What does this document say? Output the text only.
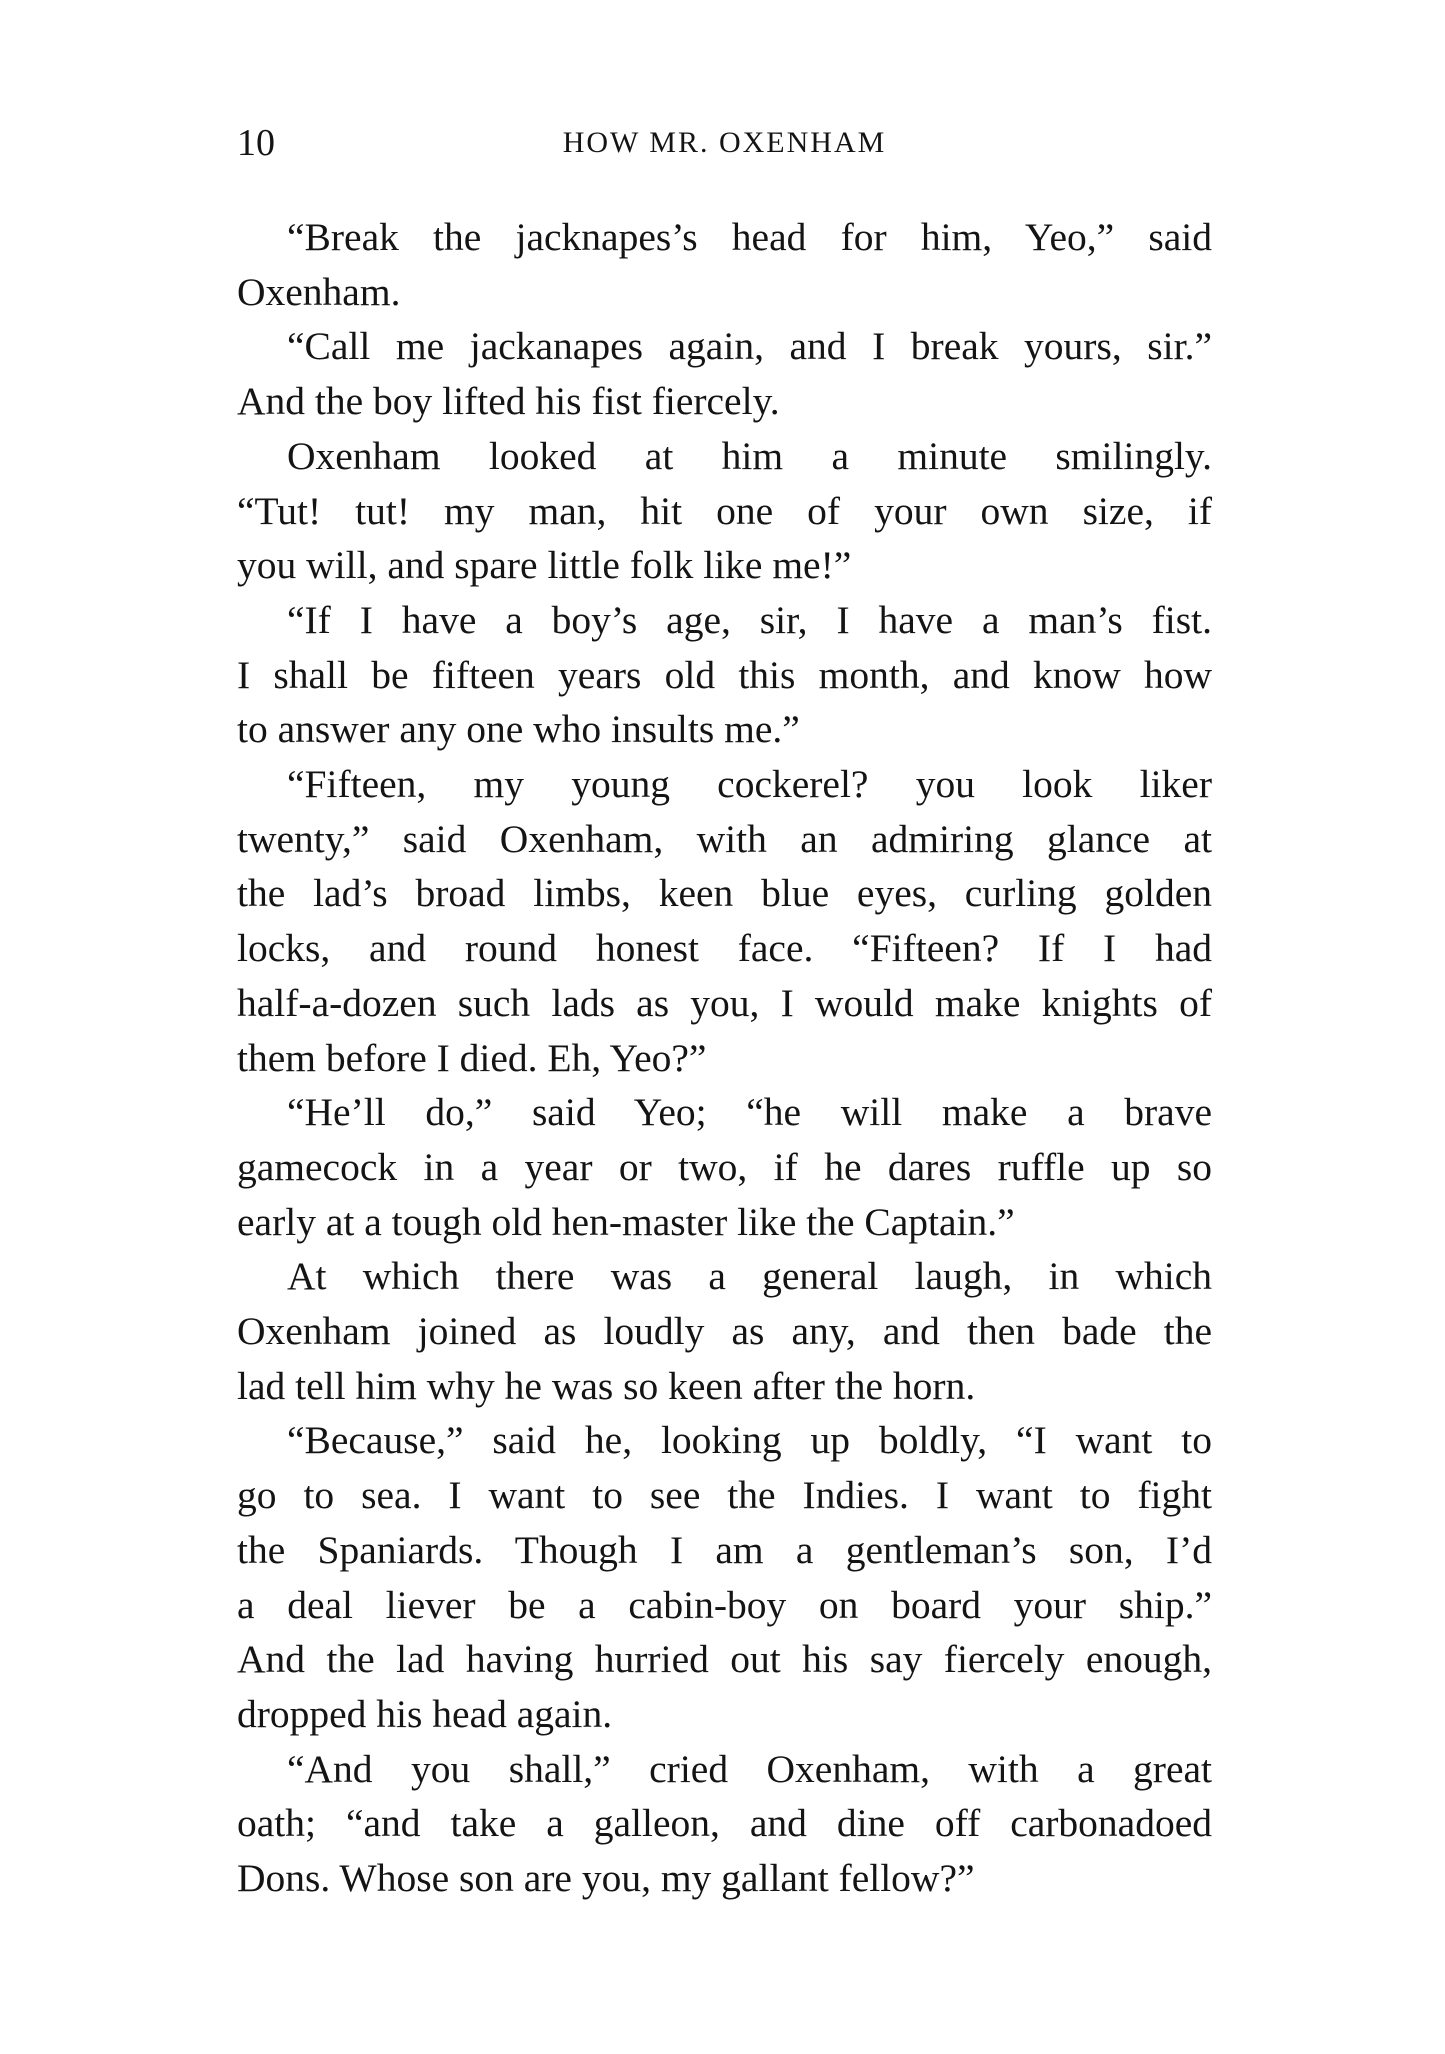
10	HOW MR. OXENHAM

“Break the jacknapes’s head for him, Yeo,” said
Oxenham.

“Call me jackanapes again, and I break yours, sir.”
And the boy lifted his fist fiercely.

Oxenham looked at him a minute smilingly.
“Tut! tut! my man, hit one of your own size, if
you will, and spare little folk like me!”

“If I have a boy’s age, sir, I have a man’s fist.
I shall be fifteen years old this month, and know how
to answer any one who insults me.”

“Fifteen, my young cockerel? you look liker
twenty,” said Oxenham, with an admiring glance at
the lad’s broad limbs, keen blue eyes, curling golden
locks, and round honest face. “Fifteen? If I had
half-a-dozen such lads as you, I would make knights of
them before I died. Eh, Yeo?”

“He’ll do,” said Yeo; “he will make a brave
gamecock in a year or two, if he dares ruffle up so
early at a tough old hen-master like the Captain.”

At which there was a general laugh, in which
Oxenham joined as loudly as any, and then bade the
lad tell him why he was so keen after the horn.

“Because,” said he, looking up boldly, “I want to
go to sea. I want to see the Indies. I want to fight
the Spaniards. Though I am a gentleman’s son, I’d
a deal liever be a cabin-boy on board your ship.”
And the lad having hurried out his say fiercely enough,
dropped his head again.

“And you shall,” cried Oxenham, with a great
oath; “and take a galleon, and dine off carbonadoed
Dons. Whose son are you, my gallant fellow?”
